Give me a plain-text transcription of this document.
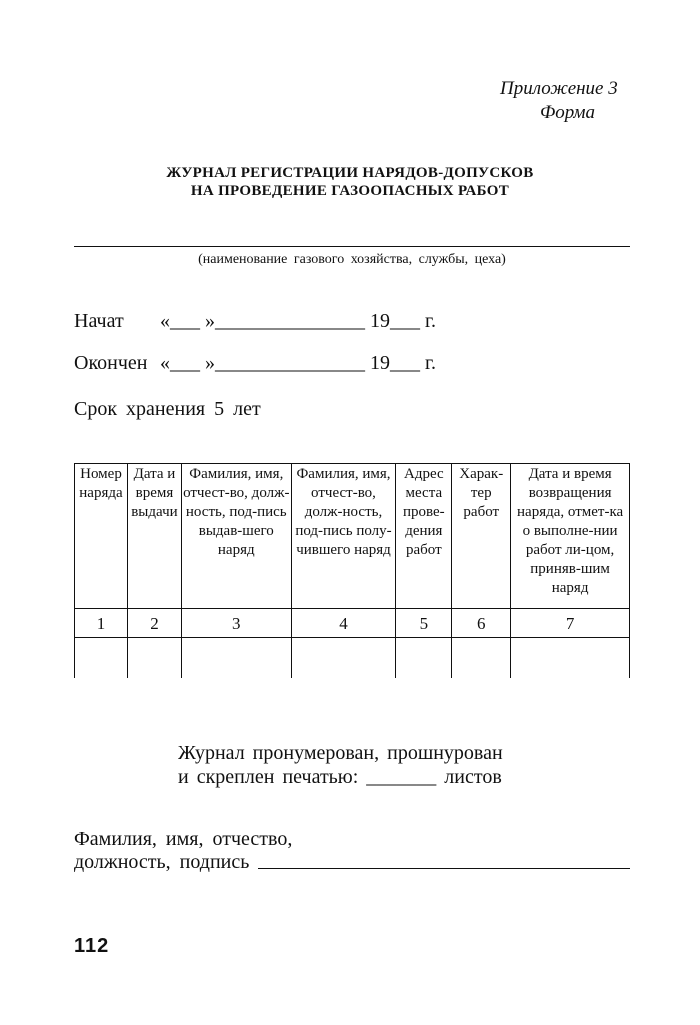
Приложение 3
Форма
ЖУРНАЛ РЕГИСТРАЦИИ НАРЯДОВ-ДОПУСКОВ
НА ПРОВЕДЕНИЕ ГАЗООПАСНЫХ РАБОТ
(наименование газового хозяйства, службы, цеха)
Начат «___ »_______________ 19___ г.
Окончен «___ »_______________ 19___ г.
Срок хранения 5 лет
Номер наряда	Дата и время выдачи	Фамилия, имя, отчест-во, долж-ность, под-пись выдав-шего наряд	Фамилия, имя, отчест-во, долж-ность, под-пись полу-чившего наряд	Адрес места прове-дения работ	Харак-тер работ	Дата и время возвращения наряда, отмет-ка о выполне-нии работ ли-цом, приняв-шим наряд
1	2	3	4	5	6	7

Журнал пронумерован, прошнурован
и скреплен печатью: _______ листов
Фамилия, имя, отчество,
должность, подпись
112
